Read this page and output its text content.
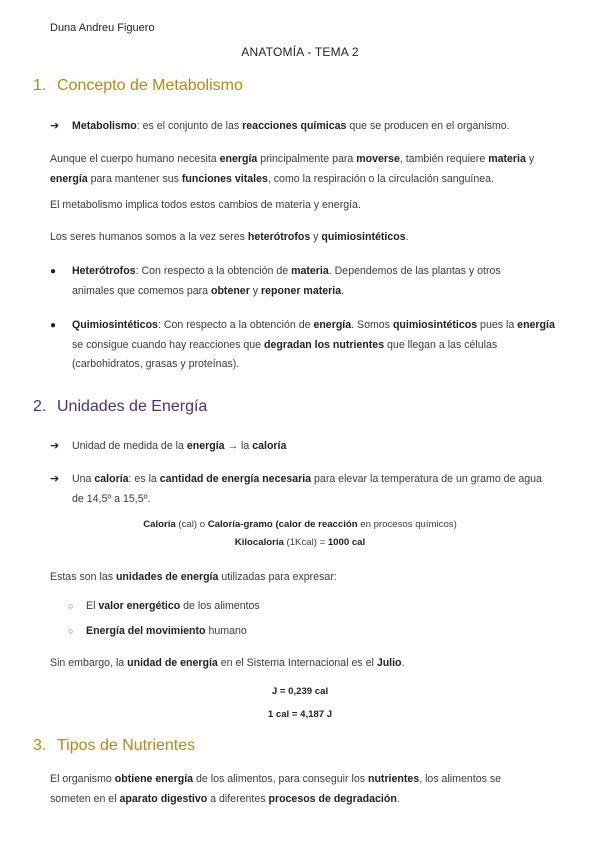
Duna Andreu Figuero
ANATOMÍA - TEMA 2
1. Concepto de Metabolismo
➔	Metabolismo: es el conjunto de las reacciones químicas que se producen en el organismo.
Aunque el cuerpo humano necesita energía principalmente para moverse, también requiere materia y
energía para mantener sus funciones vitales, como la respiración o la circulación sanguínea.
El metabolismo implica todos estos cambios de materia y energía.
Los seres humanos somos a la vez seres heterótrofos y quimiosintéticos.
●	Heterótrofos: Con respecto a la obtención de materia. Dependemos de las plantas y otros
animales que comemos para obtener y reponer materia.
●	Quimiosintéticos: Con respecto a la obtención de energía. Somos quimiosintéticos pues la energía
se consigue cuando hay reacciones que degradan los nutrientes que llegan a las células
(carbohidratos, grasas y proteínas).
2. Unidades de Energía
➔	Unidad de medida de la energía → la caloría
➔	Una caloría: es la cantidad de energía necesaria para elevar la temperatura de un gramo de agua
de 14,5º a 15,5º.
Caloría (cal) o Caloría-gramo (calor de reacción en procesos químicos)
Kilocaloría (1Kcal) = 1000 cal
Estas son las unidades de energía utilizadas para expresar:
○	El valor energético de los alimentos
○	Energía del movimiento humano
Sin embargo, la unidad de energía en el Sistema Internacional es el Julio.
J = 0,239 cal
1 cal = 4,187 J
3. Tipos de Nutrientes
El organismo obtiene energía de los alimentos, para conseguir los nutrientes, los alimentos se
someten en el aparato digestivo a diferentes procesos de degradación.
